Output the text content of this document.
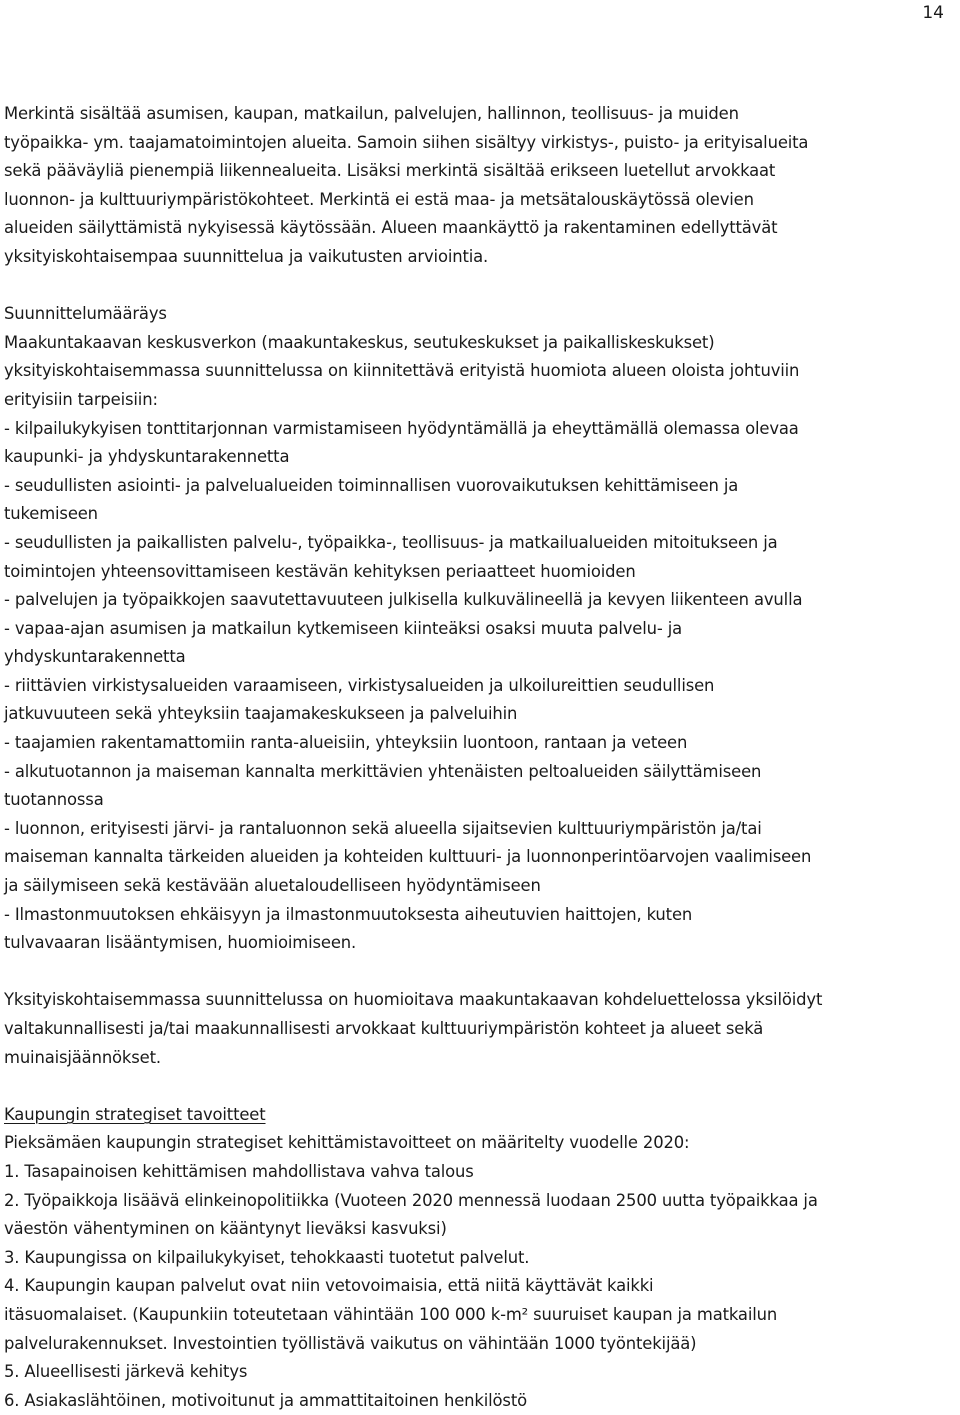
14
Merkintä sisältää asumisen, kaupan, matkailun, palvelujen, hallinnon, teollisuus- ja muiden
työpaikka- ym. taajamatoimintojen alueita. Samoin siihen sisältyy virkistys-, puisto- ja erityisalueita
sekä pääväyliä pienempiä liikennealueita. Lisäksi merkintä sisältää erikseen luetellut arvokkaat
luonnon- ja kulttuuriympäristökohteet. Merkintä ei estä maa- ja metsätalouskäytössä olevien
alueiden säilyttämistä nykyisessä käytössään. Alueen maankäyttö ja rakentaminen edellyttävät
yksityiskohtaisempaa suunnittelua ja vaikutusten arviointia.
Suunnittelumääräys
Maakuntakaavan keskusverkon (maakuntakeskus, seutukeskukset ja paikalliskeskukset)
yksityiskohtaisemmassa suunnittelussa on kiinnitettävä erityistä huomiota alueen oloista johtuviin
erityisiin tarpeisiin:
- kilpailukykyisen tonttitarjonnan varmistamiseen hyödyntämällä ja eheyttämällä olemassa olevaa
kaupunki- ja yhdyskuntarakennetta
- seudullisten asiointi- ja palvelualueiden toiminnallisen vuorovaikutuksen kehittämiseen ja
tukemiseen
- seudullisten ja paikallisten palvelu-, työpaikka-, teollisuus- ja matkailualueiden mitoitukseen ja
toimintojen yhteensovittamiseen kestävän kehityksen periaatteet huomioiden
- palvelujen ja työpaikkojen saavutettavuuteen julkisella kulkuvälineellä ja kevyen liikenteen avulla
- vapaa-ajan asumisen ja matkailun kytkemiseen kiinteäksi osaksi muuta palvelu- ja
yhdyskuntarakennetta
- riittävien virkistysalueiden varaamiseen, virkistysalueiden ja ulkoilureittien seudullisen
jatkuvuuteen sekä yhteyksiin taajamakeskukseen ja palveluihin
- taajamien rakentamattomiin ranta-alueisiin, yhteyksiin luontoon, rantaan ja veteen
- alkutuotannon ja maiseman kannalta merkittävien yhtenäisten peltoalueiden säilyttämiseen
tuotannossa
- luonnon, erityisesti järvi- ja rantaluonnon sekä alueella sijaitsevien kulttuuriympäristön ja/tai
maiseman kannalta tärkeiden alueiden ja kohteiden kulttuuri- ja luonnonperintöarvojen vaalimiseen
ja säilymiseen sekä kestävään aluetaloudelliseen hyödyntämiseen
- Ilmastonmuutoksen ehkäisyyn ja ilmastonmuutoksesta aiheutuvien haittojen, kuten
tulvavaaran lisääntymisen, huomioimiseen.
Yksityiskohtaisemmassa suunnittelussa on huomioitava maakuntakaavan kohdeluettelossa yksilöidyt
valtakunnallisesti ja/tai maakunnallisesti arvokkaat kulttuuriympäristön kohteet ja alueet sekä
muinaisjäännökset.
Kaupungin strategiset tavoitteet
Pieksämäen kaupungin strategiset kehittämistavoitteet on määritelty vuodelle 2020:
1. Tasapainoisen kehittämisen mahdollistava vahva talous
2. Työpaikkoja lisäävä elinkeinopolitiikka (Vuoteen 2020 mennessä luodaan 2500 uutta työpaikkaa ja
väestön vähentyminen on kääntynyt lieväksi kasvuksi)
3. Kaupungissa on kilpailukykyiset, tehokkaasti tuotetut palvelut.
4. Kaupungin kaupan palvelut ovat niin vetovoimaisia, että niitä käyttävät kaikki
itäsuomalaiset. (Kaupunkiin toteutetaan vähintään 100 000 k-m² suuruiset kaupan ja matkailun
palvelurakennukset. Investointien työllistävä vaikutus on vähintään 1000 työntekijää)
5. Alueellisesti järkevä kehitys
6. Asiakaslähtöinen, motivoitunut ja ammattitaitoinen henkilöstö
